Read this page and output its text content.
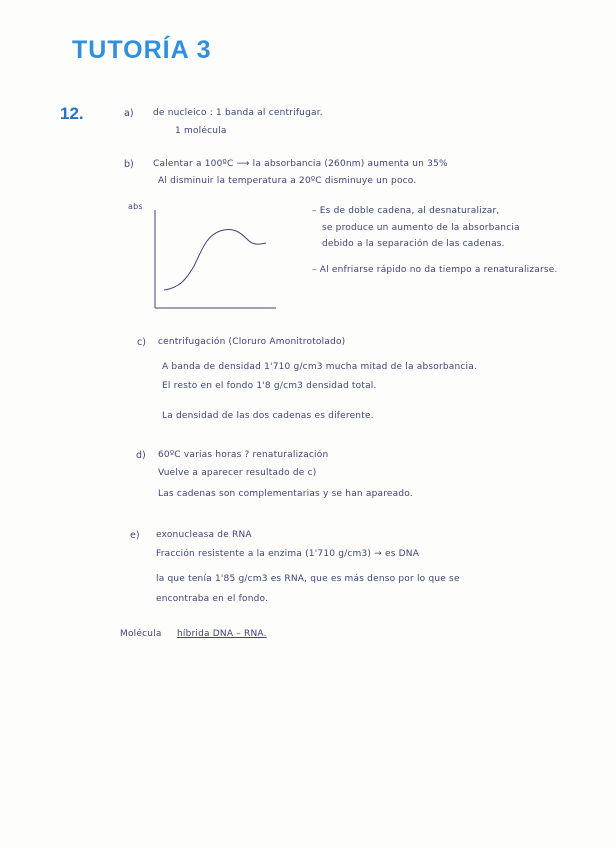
TUTORÍA 3
12.	a) de nucleico : 1 banda al centrifugar.
1 molécula
b) Calentar a 100ºC ⟶ la absorbancia (260nm) aumenta un 35%
Al disminuir la temperatura a 20ºC disminuye un poco.
abs	– Es de doble cadena, al desnaturalizar,
se produce un aumento de la absorbancia
debido a la separación de las cadenas.
– Al enfriarse rápido no da tiempo a renaturalizarse.
c) centrifugación (Cloruro Amonitrotolado)
A banda de densidad 1'710 g/cm3 mucha mitad de la absorbancia.
El resto en el fondo 1'8 g/cm3 densidad total.
La densidad de las dos cadenas es diferente.
d) 60ºC varias horas ? renaturalización
Vuelve a aparecer resultado de c)
Las cadenas son complementarias y se han apareado.
e) exonucleasa de RNA
Fracción resistente a la enzima (1'710 g/cm3) → es DNA
la que tenía 1'85 g/cm3 es RNA, que es más denso por lo que se
encontraba en el fondo.
Molécula híbrida DNA – RNA.
